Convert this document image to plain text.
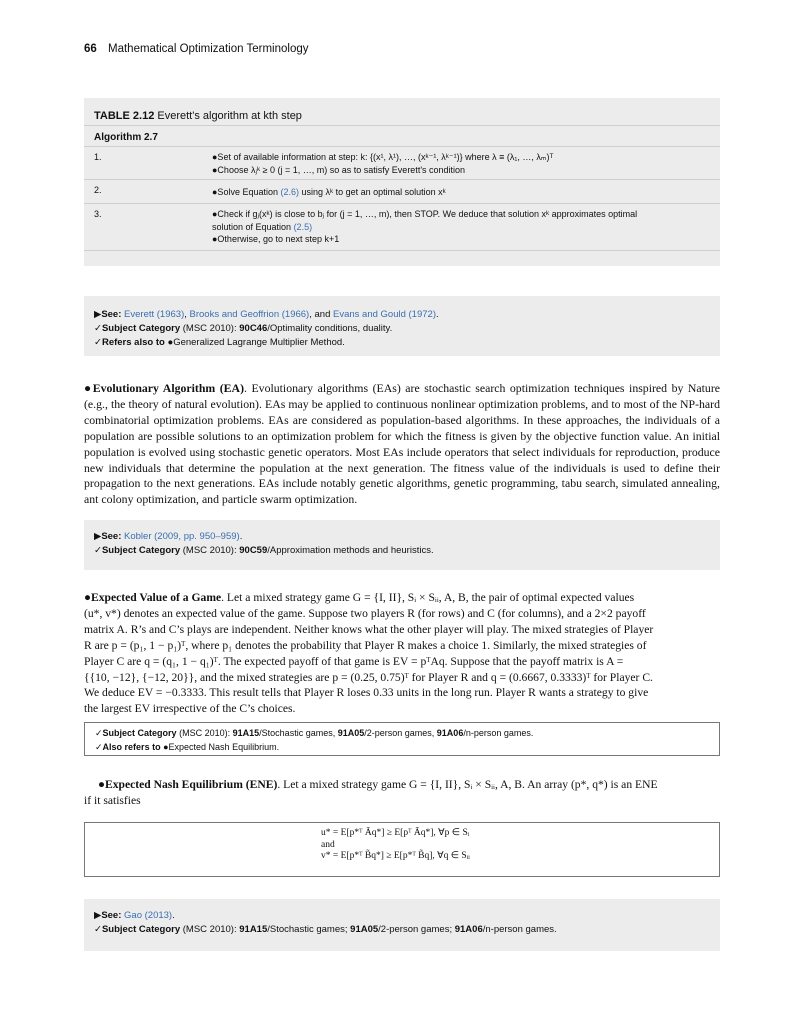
66 Mathematical Optimization Terminology
TABLE 2.12 Everett's algorithm at kth step
Algorithm 2.7
1.	●Set of available information at step: k: {(x¹, λ¹), …, (xᵏ⁻¹, λᵏ⁻¹)} where λ ≡ (λ₁, …, λₘ)ᵀ
●Choose λⱼᵏ ≥ 0 (j = 1, …, m) so as to satisfy Everett's condition
2.	●Solve Equation (2.6) using λᵏ to get an optimal solution xᵏ
3.	●Check if gⱼ(xᵏ) is close to bⱼ for (j = 1, …, m), then STOP. We deduce that solution xᵏ approximates optimal
solution of Equation (2.5)
●Otherwise, go to next step k+1
▶See: Everett (1963), Brooks and Geoffrion (1966), and Evans and Gould (1972).
✓Subject Category (MSC 2010): 90C46/Optimality conditions, duality.
✓Refers also to ●Generalized Lagrange Multiplier Method.
●Evolutionary Algorithm (EA). Evolutionary algorithms (EAs) are stochastic search optimization techniques inspired by Nature (e.g., the theory of natural evolution). EAs may be applied to continuous nonlinear optimization problems, and to most of the NP-hard combinatorial optimization problems. EAs are considered as population-based algorithms. In these approaches, the individuals of a population are possible solutions to an optimization problem for which the fitness is given by the objective function value. An initial population is evolved using stochastic genetic operators. Most EAs include operators that select individuals for reproduction, produce new individuals that determine the population at the next generation. The fitness value of the individuals is used to define their propagation to the next generations. EAs include notably genetic algorithms, genetic programming, tabu search, simulated annealing, ant colony optimization, and particle swarm optimization.
▶See: Kobler (2009, pp. 950–959).
✓Subject Category (MSC 2010): 90C59/Approximation methods and heuristics.
●Expected Value of a Game. Let a mixed strategy game G = {I, II}, Sᵢ × Sᵢᵢ, A, B, the pair of optimal expected values
(u*, v*) denotes an expected value of the game. Suppose two players R (for rows) and C (for columns), and a 2×2 payoff
matrix A. R’s and C’s plays are independent. Neither knows what the other player will play. The mixed strategies of Player
R are p = (p₁, 1 − p₁)ᵀ, where p₁ denotes the probability that Player R makes a choice 1. Similarly, the mixed strategies of
Player C are q = (q₁, 1 − q₁)ᵀ. The expected payoff of that game is EV = pᵀAq. Suppose that the payoff matrix is A =
{{10, −12}, {−12, 20}}, and the mixed strategies are p = (0.25, 0.75)ᵀ for Player R and q = (0.6667, 0.3333)ᵀ for Player C.
We deduce EV = −0.3333. This result tells that Player R loses 0.33 units in the long run. Player R wants a strategy to give
the largest EV irrespective of the C’s choices.
✓Subject Category (MSC 2010): 91A15/Stochastic games, 91A05/2-person games, 91A06/n-person games.
✓Also refers to ●Expected Nash Equilibrium.
●Expected Nash Equilibrium (ENE). Let a mixed strategy game G = {I, II}, Sᵢ × Sᵢᵢ, A, B. An array (p*, q*) is an ENE
if it satisfies
u* = E[p*ᵀ Ãq*] ≥ E[pᵀ Ãq*], ∀p ∈ Sᵢ
and
v* = E[p*ᵀ B̃q*] ≥ E[p*ᵀ B̃q], ∀q ∈ Sᵢᵢ
▶See: Gao (2013).
✓Subject Category (MSC 2010): 91A15/Stochastic games; 91A05/2-person games; 91A06/n-person games.
